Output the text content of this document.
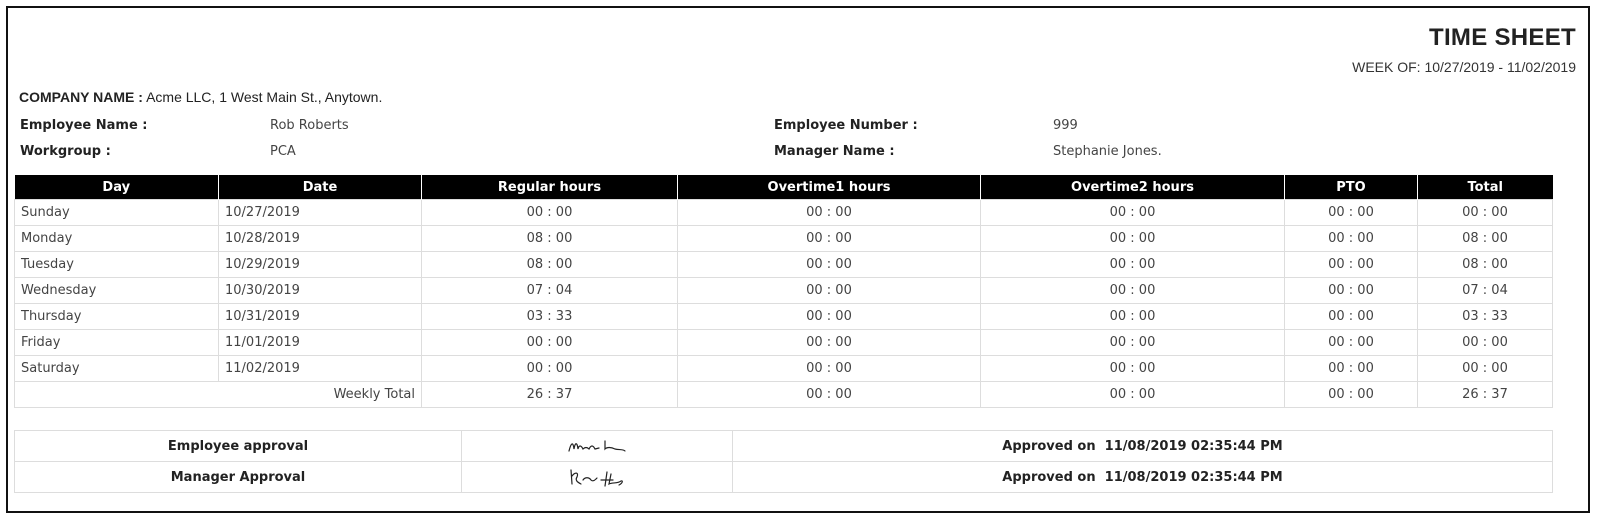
TIME SHEET
WEEK OF: 10/27/2019 - 11/02/2019
COMPANY NAME : Acme LLC, 1 West Main St., Anytown.
Employee Name :	Rob Roberts
Workgroup :	PCA
Employee Number :	999
Manager Name :	Stephanie Jones.
Day	Date	Regular hours	Overtime1 hours	Overtime2 hours	PTO	Total
Sunday	10/27/2019	00 : 00	00 : 00	00 : 00	00 : 00	00 : 00
Monday	10/28/2019	08 : 00	00 : 00	00 : 00	00 : 00	08 : 00
Tuesday	10/29/2019	08 : 00	00 : 00	00 : 00	00 : 00	08 : 00
Wednesday	10/30/2019	07 : 04	00 : 00	00 : 00	00 : 00	07 : 04
Thursday	10/31/2019	03 : 33	00 : 00	00 : 00	00 : 00	03 : 33
Friday	11/01/2019	00 : 00	00 : 00	00 : 00	00 : 00	00 : 00
Saturday	11/02/2019	00 : 00	00 : 00	00 : 00	00 : 00	00 : 00
Weekly Total		26 : 37	00 : 00	00 : 00	00 : 00	26 : 37
Employee approval		Approved on 11/08/2019 02:35:44 PM
Manager Approval		Approved on 11/08/2019 02:35:44 PM
